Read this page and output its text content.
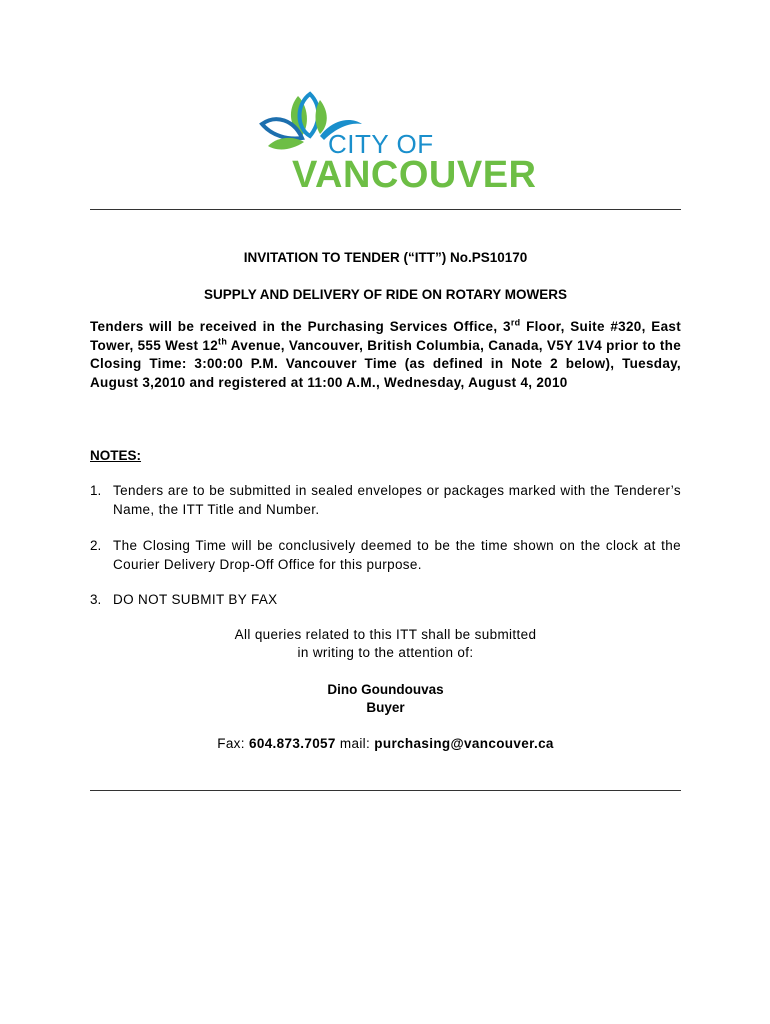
CITY OF
VANCOUVER
INVITATION TO TENDER (“ITT”) No.PS10170
SUPPLY AND DELIVERY OF RIDE ON ROTARY MOWERS
Tenders will be received in the Purchasing Services Office, 3rd Floor, Suite #320, East Tower, 555 West 12th Avenue, Vancouver, British Columbia, Canada, V5Y 1V4 prior to the Closing Time: 3:00:00 P.M. Vancouver Time (as defined in Note 2 below), Tuesday, August 3,2010 and registered at 11:00 A.M., Wednesday, August 4, 2010
NOTES:
1. Tenders are to be submitted in sealed envelopes or packages marked with the Tenderer’s Name, the ITT Title and Number.
2. The Closing Time will be conclusively deemed to be the time shown on the clock at the Courier Delivery Drop-Off Office for this purpose.
3. DO NOT SUBMIT BY FAX
All queries related to this ITT shall be submitted
in writing to the attention of:
Dino Goundouvas
Buyer
Fax: 604.873.7057 mail: purchasing@vancouver.ca
